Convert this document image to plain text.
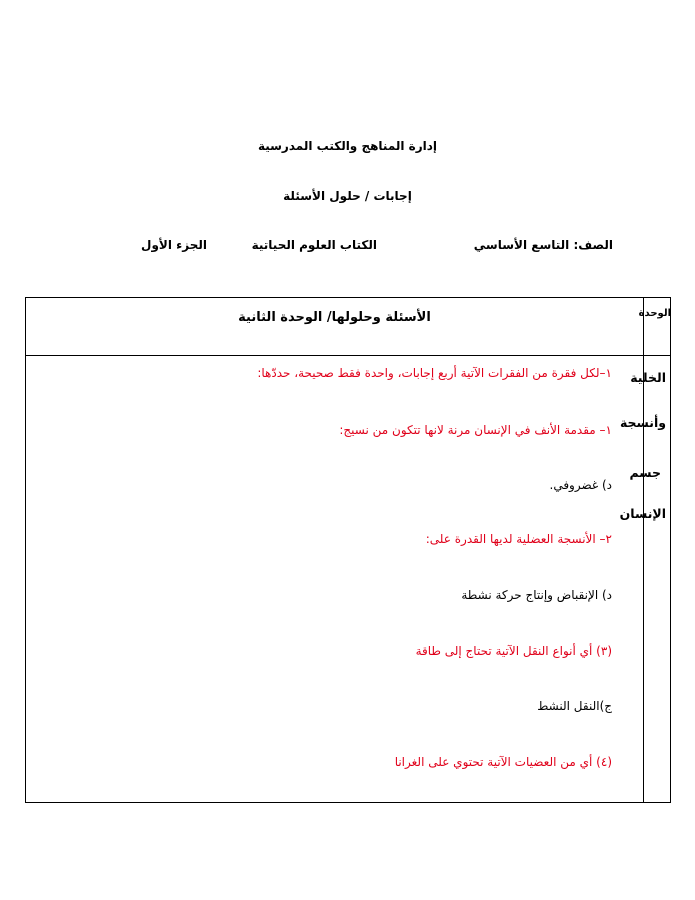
إدارة المناهج والكتب المدرسية
إجابات / حلول الأسئلة
الصف: التاسع الأساسي
الكتاب العلوم الحياتية
الجزء الأول
الوحدة
الأسئلة وحلولها/ الوحدة الثانية
الخلية
وأنسجة
جسم
الإنسان
١–لكل فقرة من الفقرات الآتية أربع إجابات، واحدة فقط صحيحة، حددّها:
١– مقدمة الأنف في الإنسان مرنة لانها تتكون من نسيج:
د) غضروفي.
٢– الأنسجة العضلية لديها القدرة على:
د) الإنقباض وإنتاج حركة نشطة
(٣) أي أنواع النقل الآتية تحتاج إلى طاقة
ج)النقل النشط
(٤) أي من العضيات الآتية تحتوي على الغرانا
